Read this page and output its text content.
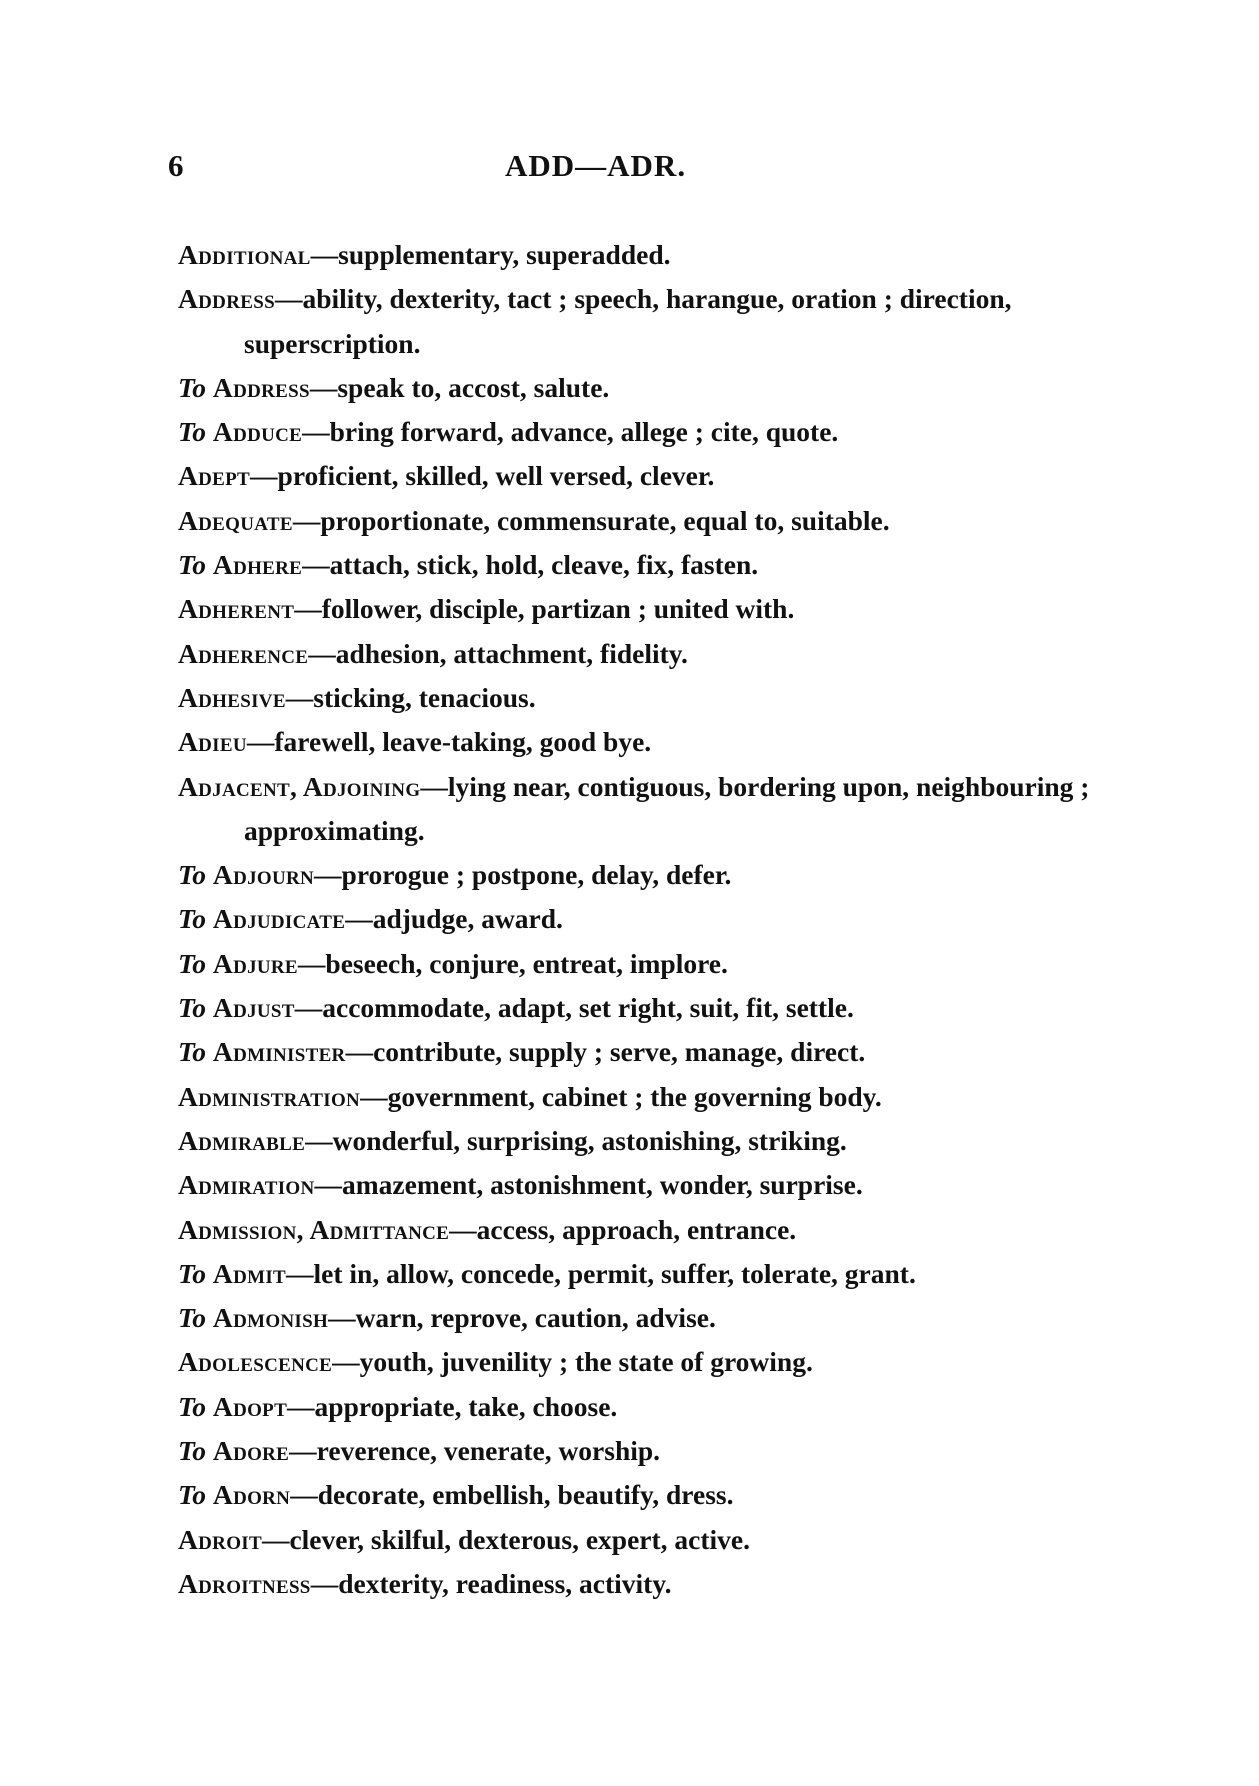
6	ADD—ADR.
Additional—supplementary, superadded.
Address—ability, dexterity, tact ; speech, harangue, oration ; direction, superscription.
To Address—speak to, accost, salute.
To Adduce—bring forward, advance, allege ; cite, quote.
Adept—proficient, skilled, well versed, clever.
Adequate—proportionate, commensurate, equal to, suitable.
To Adhere—attach, stick, hold, cleave, fix, fasten.
Adherent—follower, disciple, partizan ; united with.
Adherence—adhesion, attachment, fidelity.
Adhesive—sticking, tenacious.
Adieu—farewell, leave-taking, good bye.
Adjacent, Adjoining—lying near, contiguous, bordering upon, neighbouring ; approximating.
To Adjourn—prorogue ; postpone, delay, defer.
To Adjudicate—adjudge, award.
To Adjure—beseech, conjure, entreat, implore.
To Adjust—accommodate, adapt, set right, suit, fit, settle.
To Administer—contribute, supply ; serve, manage, direct.
Administration—government, cabinet ; the governing body.
Admirable—wonderful, surprising, astonishing, striking.
Admiration—amazement, astonishment, wonder, surprise.
Admission, Admittance—access, approach, entrance.
To Admit—let in, allow, concede, permit, suffer, tolerate, grant.
To Admonish—warn, reprove, caution, advise.
Adolescence—youth, juvenility ; the state of growing.
To Adopt—appropriate, take, choose.
To Adore—reverence, venerate, worship.
To Adorn—decorate, embellish, beautify, dress.
Adroit—clever, skilful, dexterous, expert, active.
Adroitness—dexterity, readiness, activity.
